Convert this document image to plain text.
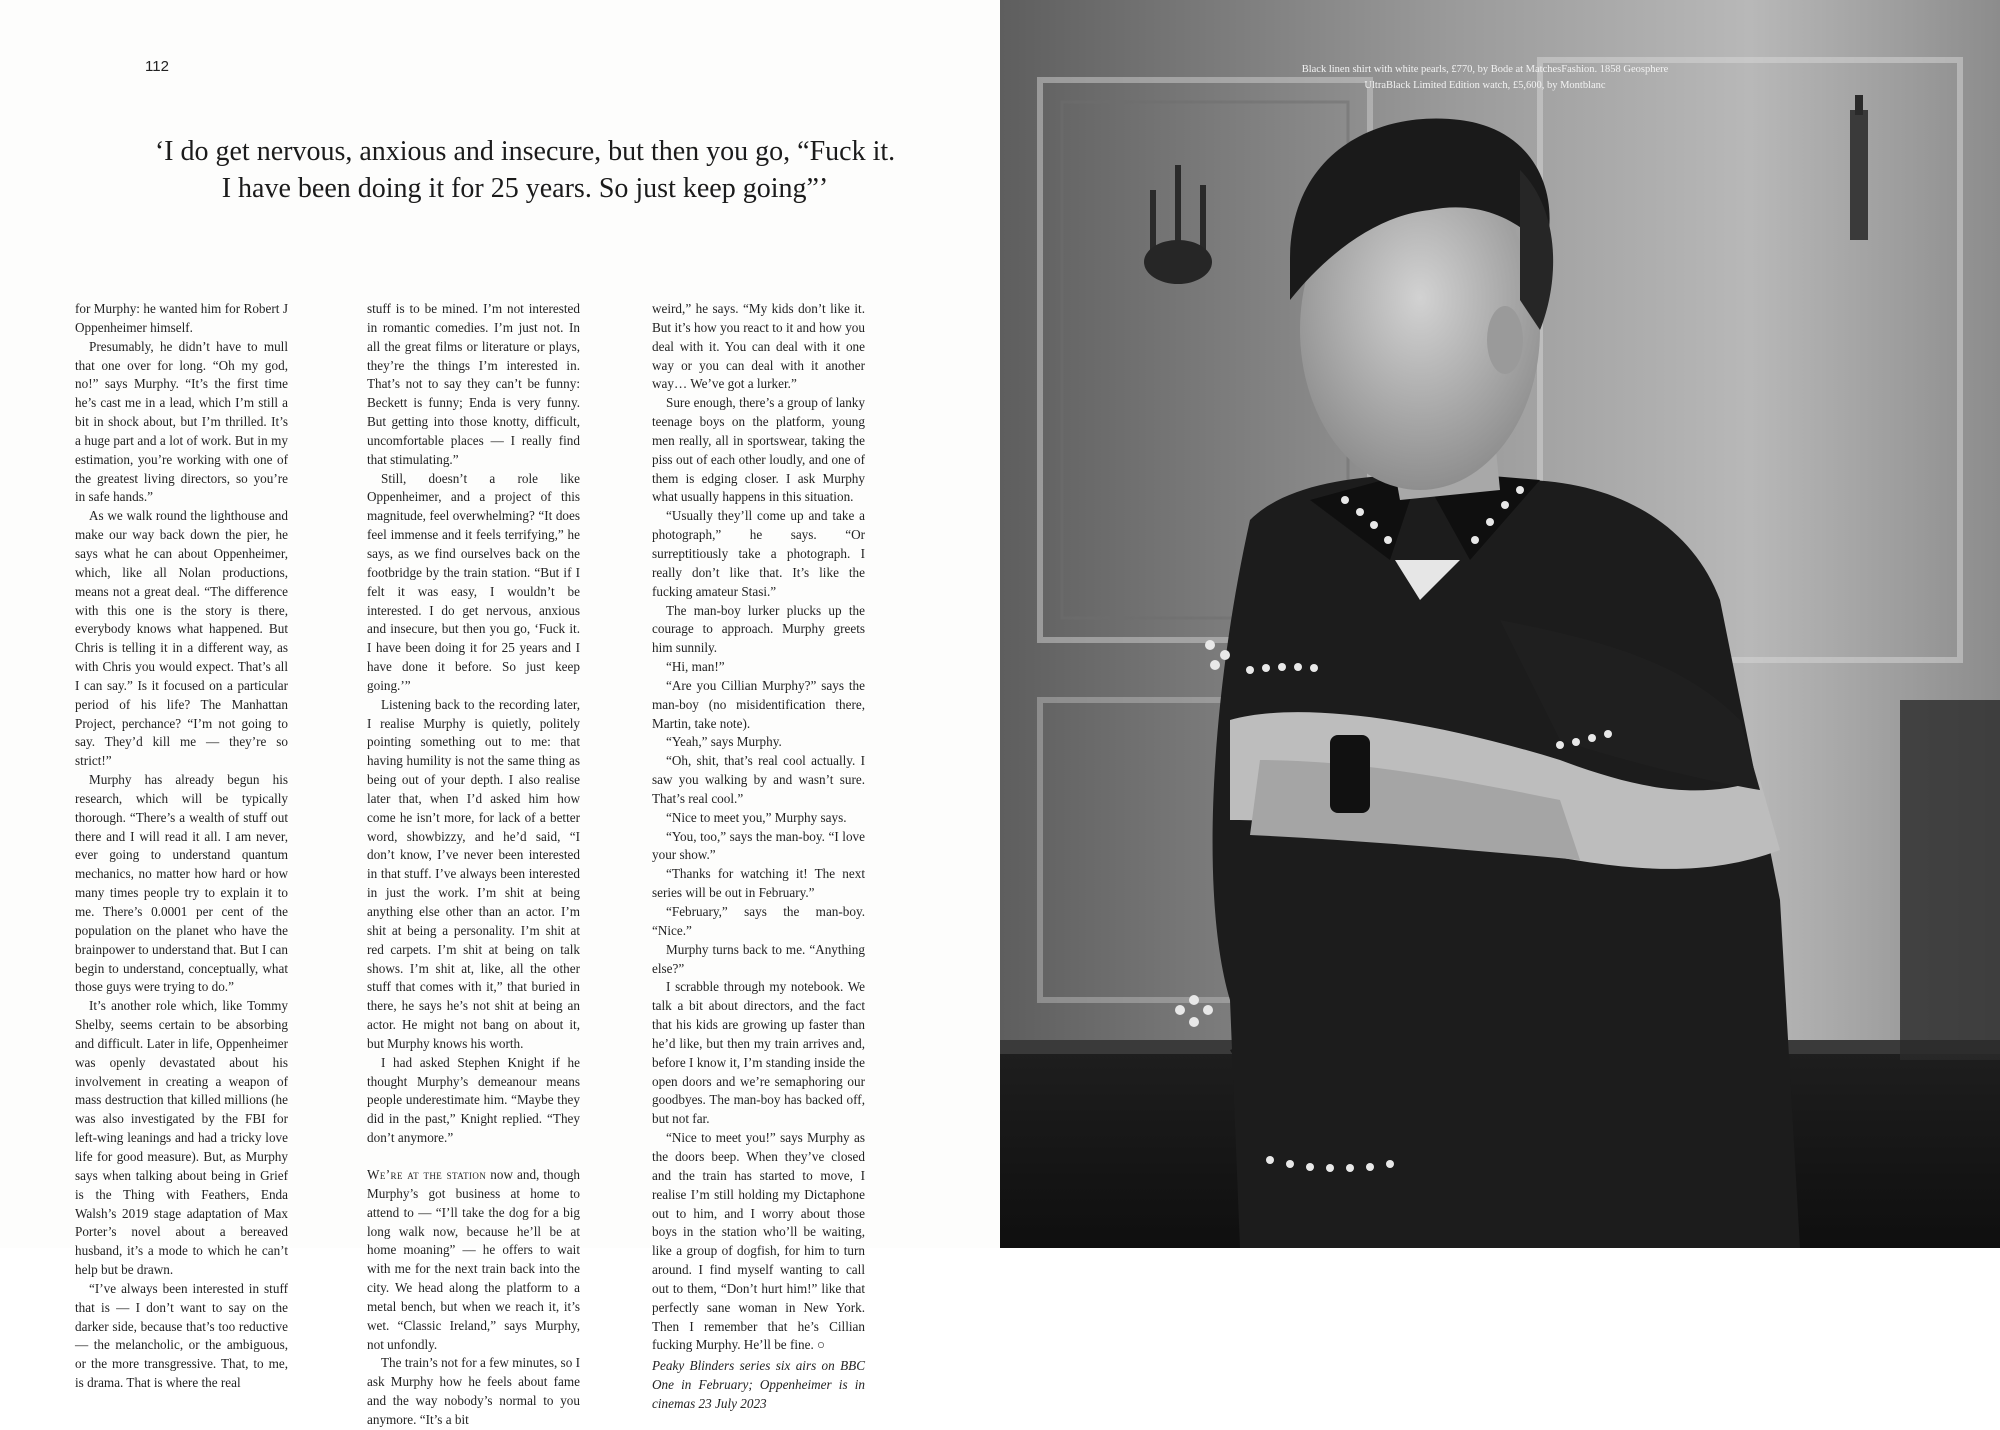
112
‘I do get nervous, anxious and insecure, but then you go, “Fuck it.
I have been doing it for 25 years. So just keep going”’

for Murphy: he wanted him for Robert J Oppenheimer himself.

Presumably, he didn’t have to mull that one over for long. “Oh my god, no!” says Murphy. “It’s the first time he’s cast me in a lead, which I’m still a bit in shock about, but I’m thrilled. It’s a huge part and a lot of work. But in my estimation, you’re working with one of the greatest living directors, so you’re in safe hands.”

As we walk round the lighthouse and make our way back down the pier, he says what he can about Oppenheimer, which, like all Nolan productions, means not a great deal. “The difference with this one is the story is there, everybody knows what happened. But Chris is telling it in a different way, as with Chris you would expect. That’s all I can say.” Is it focused on a particular period of his life? The Manhattan Project, perchance? “I’m not going to say. They’d kill me — they’re so strict!”

Murphy has already begun his research, which will be typically thorough. “There’s a wealth of stuff out there and I will read it all. I am never, ever going to understand quantum mechanics, no matter how hard or how many times people try to explain it to me. There’s 0.0001 per cent of the population on the planet who have the brainpower to understand that. But I can begin to understand, conceptually, what those guys were trying to do.”

It’s another role which, like Tommy Shelby, seems certain to be absorbing and difficult. Later in life, Oppenheimer was openly devastated about his involvement in creating a weapon of mass destruction that killed millions (he was also investigated by the FBI for left-wing leanings and had a tricky love life for good measure). But, as Murphy says when talking about being in Grief is the Thing with Feathers, Enda Walsh’s 2019 stage adaptation of Max Porter’s novel about a bereaved husband, it’s a mode to which he can’t help but be drawn.

“I’ve always been interested in stuff that is — I don’t want to say on the darker side, because that’s too reductive — the melancholic, or the ambiguous, or the more transgressive. That, to me, is drama. That is where the real

stuff is to be mined. I’m not interested in romantic comedies. I’m just not. In all the great films or literature or plays, they’re the things I’m interested in. That’s not to say they can’t be funny: Beckett is funny; Enda is very funny. But getting into those knotty, difficult, uncomfortable places — I really find that stimulating.”

Still, doesn’t a role like Oppenheimer, and a project of this magnitude, feel overwhelming? “It does feel immense and it feels terrifying,” he says, as we find ourselves back on the footbridge by the train station. “But if I felt it was easy, I wouldn’t be interested. I do get nervous, anxious and insecure, but then you go, ‘Fuck it. I have been doing it for 25 years and I have done it before. So just keep going.’”

Listening back to the recording later, I realise Murphy is quietly, politely pointing something out to me: that having humility is not the same thing as being out of your depth. I also realise later that, when I’d asked him how come he isn’t more, for lack of a better word, showbizzy, and he’d said, “I don’t know, I’ve never been interested in that stuff. I’ve always been interested in just the work. I’m shit at being anything else other than an actor. I’m shit at being a personality. I’m shit at red carpets. I’m shit at being on talk shows. I’m shit at, like, all the other stuff that comes with it,” that buried in there, he says he’s not shit at being an actor. He might not bang on about it, but Murphy knows his worth.

I had asked Stephen Knight if he thought Murphy’s demeanour means people underestimate him. “Maybe they did in the past,” Knight replied. “They don’t anymore.”

We’re at the station now and, though Murphy’s got business at home to attend to — “I’ll take the dog for a big long walk now, because he’ll be at home moaning” — he offers to wait with me for the next train back into the city. We head along the platform to a metal bench, but when we reach it, it’s wet. “Classic Ireland,” says Murphy, not unfondly.

The train’s not for a few minutes, so I ask Murphy how he feels about fame and the way nobody’s normal to you anymore. “It’s a bit

weird,” he says. “My kids don’t like it. But it’s how you react to it and how you deal with it. You can deal with it one way or you can deal with it another way… We’ve got a lurker.”

Sure enough, there’s a group of lanky teenage boys on the platform, young men really, all in sportswear, taking the piss out of each other loudly, and one of them is edging closer. I ask Murphy what usually happens in this situation.

“Usually they’ll come up and take a photograph,” he says. “Or surreptitiously take a photograph. I really don’t like that. It’s like the fucking amateur Stasi.”

The man-boy lurker plucks up the courage to approach. Murphy greets him sunnily.

“Hi, man!”

“Are you Cillian Murphy?” says the man-boy (no misidentification there, Martin, take note).

“Yeah,” says Murphy.

“Oh, shit, that’s real cool actually. I saw you walking by and wasn’t sure. That’s real cool.”

“Nice to meet you,” Murphy says.

“You, too,” says the man-boy. “I love your show.”

“Thanks for watching it! The next series will be out in February.”

“February,” says the man-boy. “Nice.”

Murphy turns back to me. “Anything else?”

I scrabble through my notebook. We talk a bit about directors, and the fact that his kids are growing up faster than he’d like, but then my train arrives and, before I know it, I’m standing inside the open doors and we’re semaphoring our goodbyes. The man-boy has backed off, but not far.

“Nice to meet you!” says Murphy as the doors beep. When they’ve closed and the train has started to move, I realise I’m still holding my Dictaphone out to him, and I worry about those boys in the station who’ll be waiting, like a group of dogfish, for him to turn around. I find myself wanting to call out to them, “Don’t hurt him!” like that perfectly sane woman in New York. Then I remember that he’s Cillian fucking Murphy. He’ll be fine. ○

Peaky Blinders series six airs on BBC One in February; Oppenheimer is in cinemas 23 July 2023

Black linen shirt with white pearls, £770, by Bode at MatchesFashion. 1858 Geosphere
UltraBlack Limited Edition watch, £5,600, by Montblanc
